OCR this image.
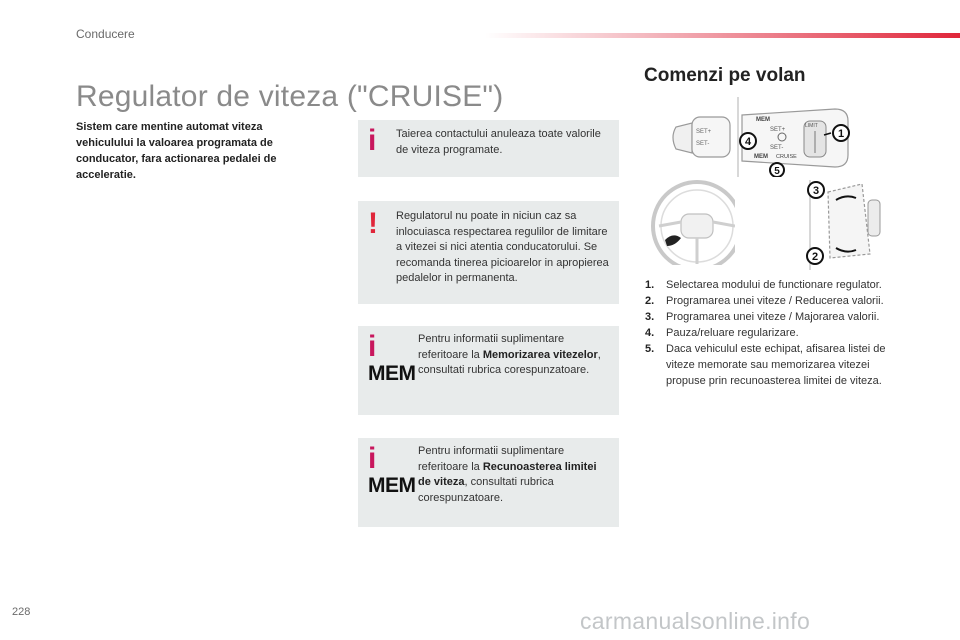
Conducere
Regulator de viteza ("CRUISE")

Sistem care mentine automat viteza vehiculului la valoarea programata de conducator, fara actionarea pedalei de acceleratie.

i Taierea contactului anuleaza toate valorile de viteza programate.
! Regulatorul nu poate in niciun caz sa inlocuiasca respectarea regulilor de limitare a vitezei si nici atentia conducatorului. Se recomanda tinerea picioarelor in apropierea pedalelor in permanenta.
i
MEM
Pentru informatii suplimentare referitoare la Memorizarea vitezelor, consultati rubrica corespunzatoare.
i
MEM
Pentru informatii suplimentare referitoare la Recunoasterea limitei de viteza, consultati rubrica corespunzatoare.
Comenzi pe volan
SET+
SET-
MEM
SET+
SET-
MEM CRUISE
LIMIT
1
4
5
3
2
1. Selectarea modului de functionare regulator.
2. Programarea unei viteze / Reducerea valorii.
3. Programarea unei viteze / Majorarea valorii.
4. Pauza/reluare regularizare.
5. Daca vehiculul este echipat, afisarea listei de viteze memorate sau memorizarea vitezei propuse prin recunoasterea limitei de viteza.
228	carmanualsonline.info
